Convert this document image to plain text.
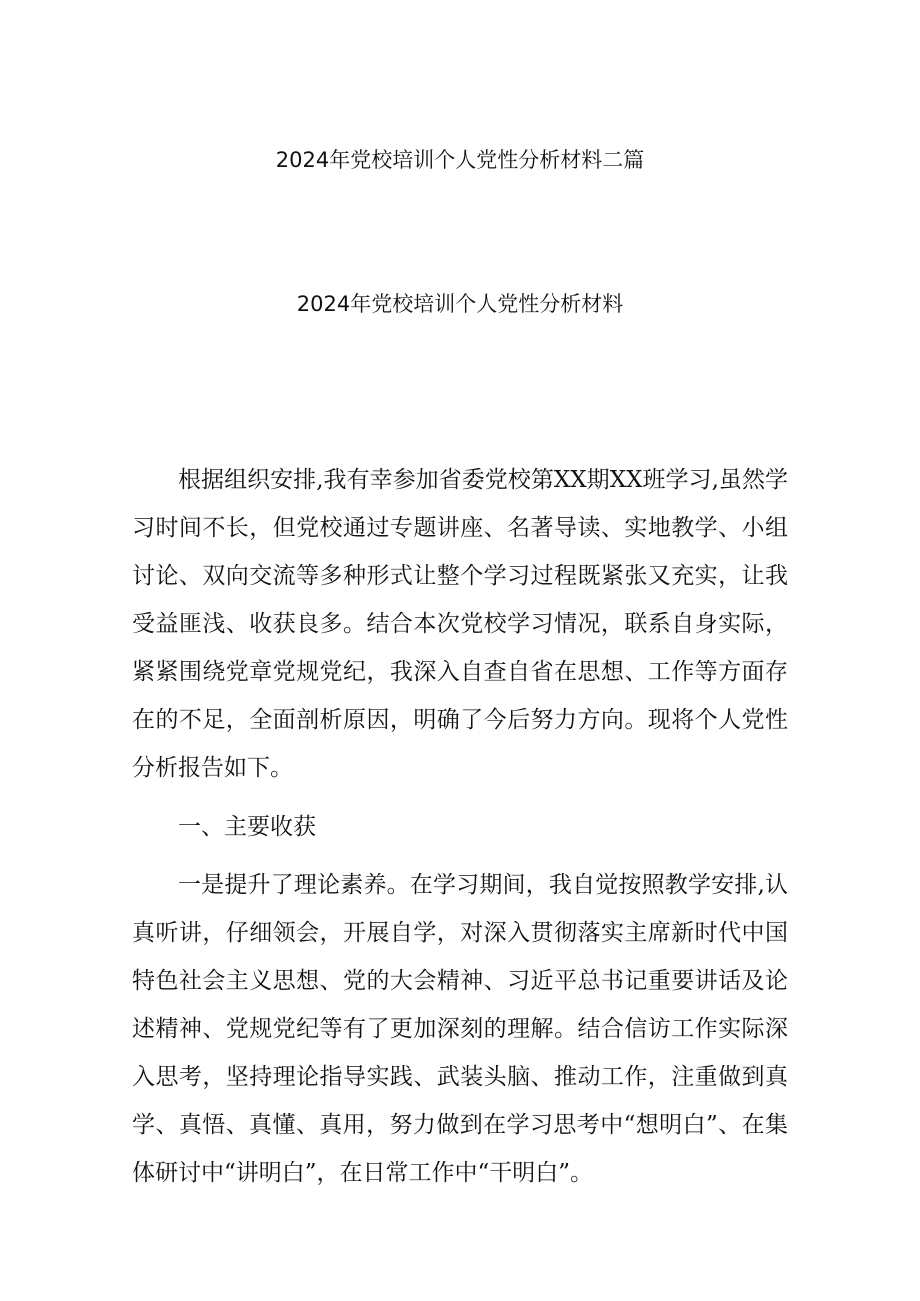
2024年党校培训个人党性分析材料二篇
2024年党校培训个人党性分析材料

根据组织安排,我有幸参加省委党校第XX期XX班学习,虽然学习时间不长，但党校通过专题讲座、名著导读、实地教学、小组讨论、双向交流等多种形式让整个学习过程既紧张又充实，让我受益匪浅、收获良多。结合本次党校学习情况，联系自身实际，紧紧围绕党章党规党纪，我深入自查自省在思想、工作等方面存在的不足，全面剖析原因，明确了今后努力方向。现将个人党性分析报告如下。

一、主要收获

一是提升了理论素养。在学习期间，我自觉按照教学安排,认真听讲，仔细领会，开展自学，对深入贯彻落实主席新时代中国特色社会主义思想、党的大会精神、习近平总书记重要讲话及论述精神、党规党纪等有了更加深刻的理解。结合信访工作实际深入思考，坚持理论指导实践、武装头脑、推动工作，注重做到真学、真悟、真懂、真用，努力做到在学习思考中“想明白”、在集体研讨中“讲明白”，在日常工作中“干明白”。
